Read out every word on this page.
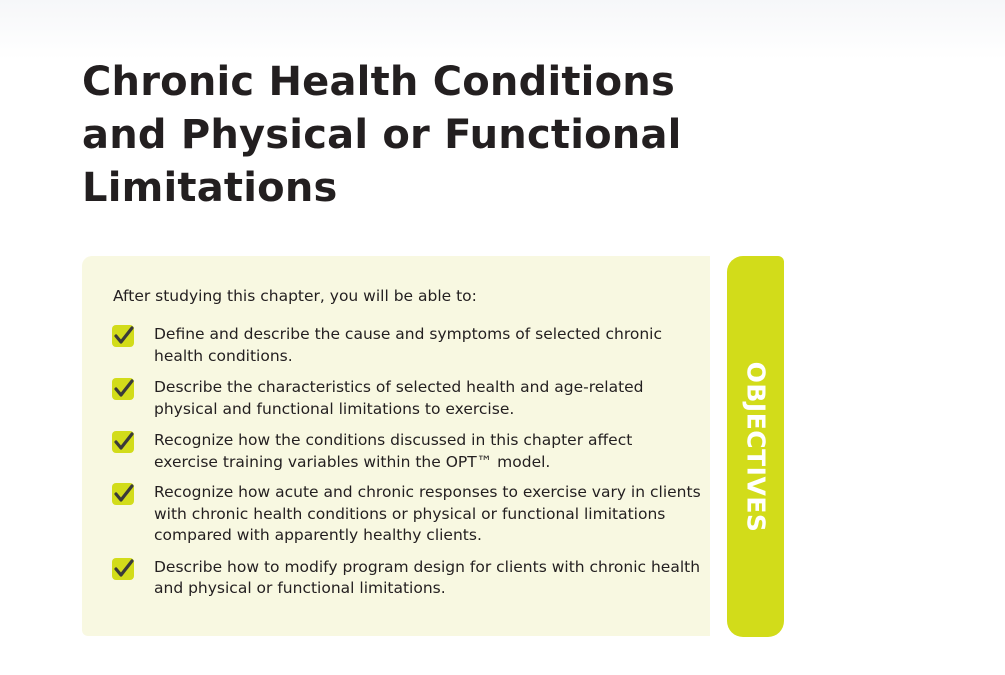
Chronic Health Conditions and Physical or Functional Limitations

After studying this chapter, you will be able to:

Define and describe the cause and symptoms of selected chronic health conditions.
Describe the characteristics of selected health and age-related physical and functional limitations to exercise.
Recognize how the conditions discussed in this chapter affect exercise training variables within the OPT™ model.
Recognize how acute and chronic responses to exercise vary in clients with chronic health conditions or physical or functional limitations compared with apparently healthy clients.
Describe how to modify program design for clients with chronic health and physical or functional limitations.
OBJECTIVES
